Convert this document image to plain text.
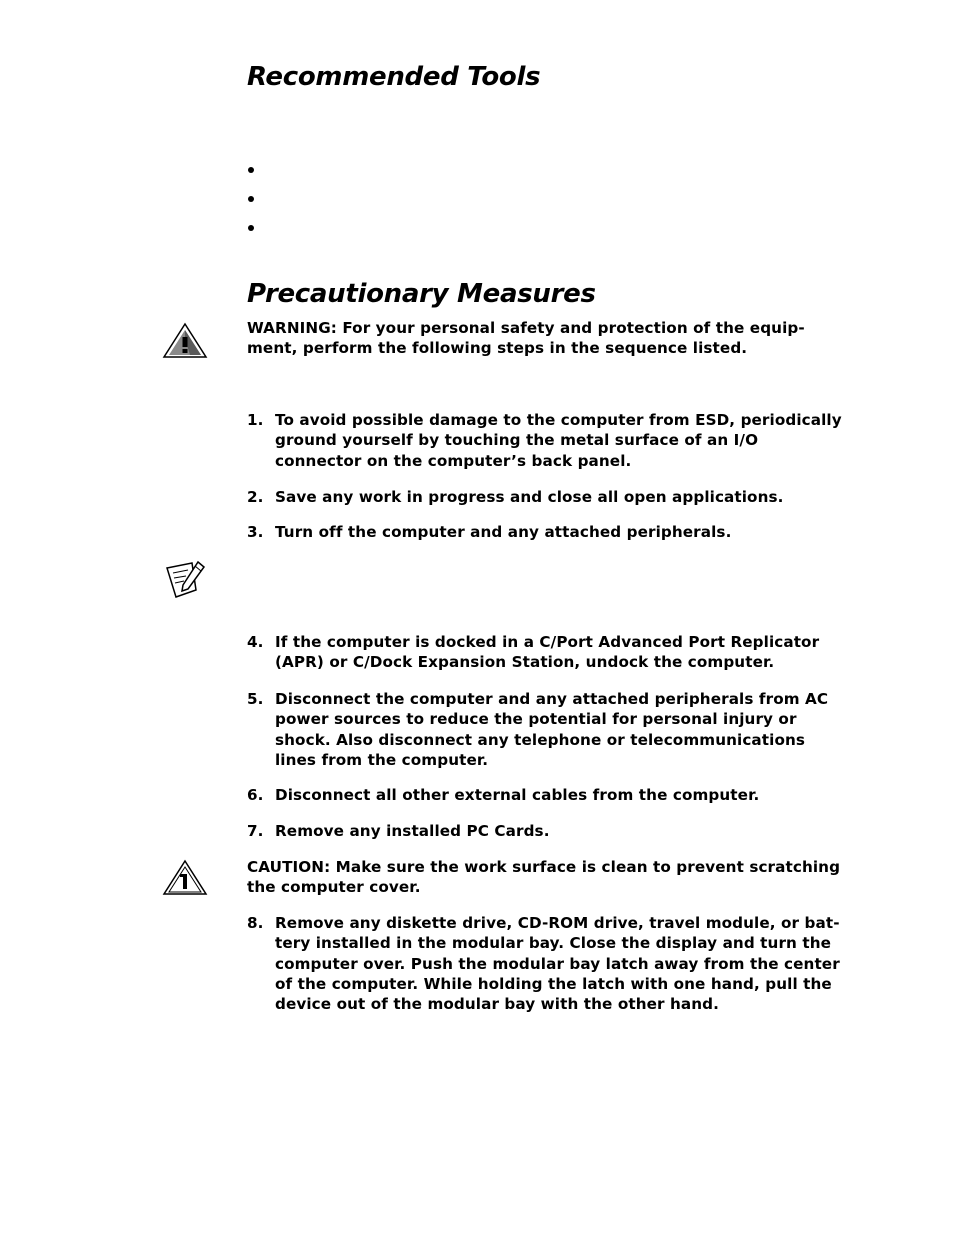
Recommended Tools
Precautionary Measures

WARNING: For your personal safety and protection of the equip-ment, perform the following steps in the sequence listed.

1. To avoid possible damage to the computer from ESD, periodically ground yourself by touching the metal surface of an I/O connector on the computer’s back panel.
2. Save any work in progress and close all open applications.
3. Turn off the computer and any attached peripherals.

4. If the computer is docked in a C/Port Advanced Port Replicator (APR) or C/Dock Expansion Station, undock the computer.
5. Disconnect the computer and any attached peripherals from AC power sources to reduce the potential for personal injury or shock. Also disconnect any telephone or telecommunications lines from the computer.
6. Disconnect all other external cables from the computer.
7. Remove any installed PC Cards.

CAUTION: Make sure the work surface is clean to prevent scratching the computer cover.

8. Remove any diskette drive, CD-ROM drive, travel module, or bat-tery installed in the modular bay. Close the display and turn the computer over. Push the modular bay latch away from the center of the computer. While holding the latch with one hand, pull the device out of the modular bay with the other hand.
